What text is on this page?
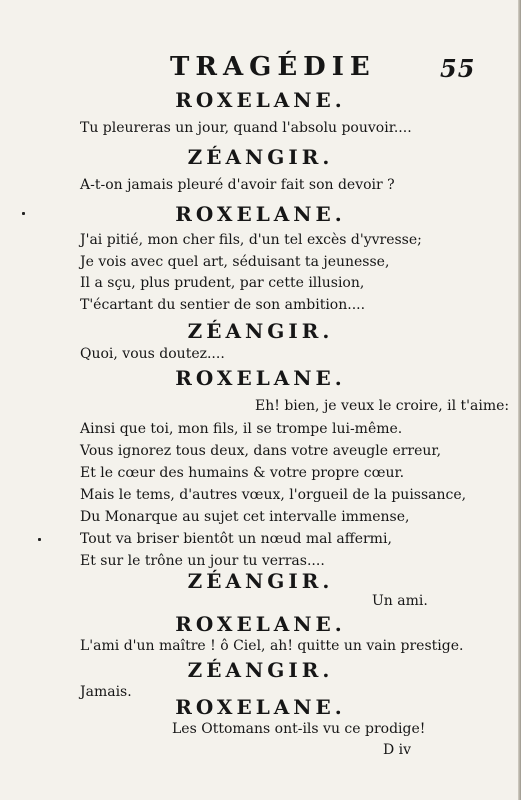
TRAGÉDIE	55
ROXELANE.
Tu pleureras un jour, quand l'absolu pouvoir....
ZÉANGIR.
A-t-on jamais pleuré d'avoir fait son devoir ?
ROXELANE.
J'ai pitié, mon cher fils, d'un tel excès d'yvresse;
Je vois avec quel art, séduisant ta jeunesse,
Il a sçu, plus prudent, par cette illusion,
T'écartant du sentier de son ambition....
ZÉANGIR.
Quoi, vous doutez....
ROXELANE.
Eh! bien, je veux le croire, il t'aime:
Ainsi que toi, mon fils, il se trompe lui-même.
Vous ignorez tous deux, dans votre aveugle erreur,
Et le cœur des humains & votre propre cœur.
Mais le tems, d'autres vœux, l'orgueil de la puissance,
Du Monarque au sujet cet intervalle immense,
Tout va briser bientôt un nœud mal affermi,
Et sur le trône un jour tu verras....
ZÉANGIR.
Un ami.
ROXELANE.
L'ami d'un maître ! ô Ciel, ah! quitte un vain prestige.
ZÉANGIR.
Jamais.
ROXELANE.
Les Ottomans ont-ils vu ce prodige!
D iv
